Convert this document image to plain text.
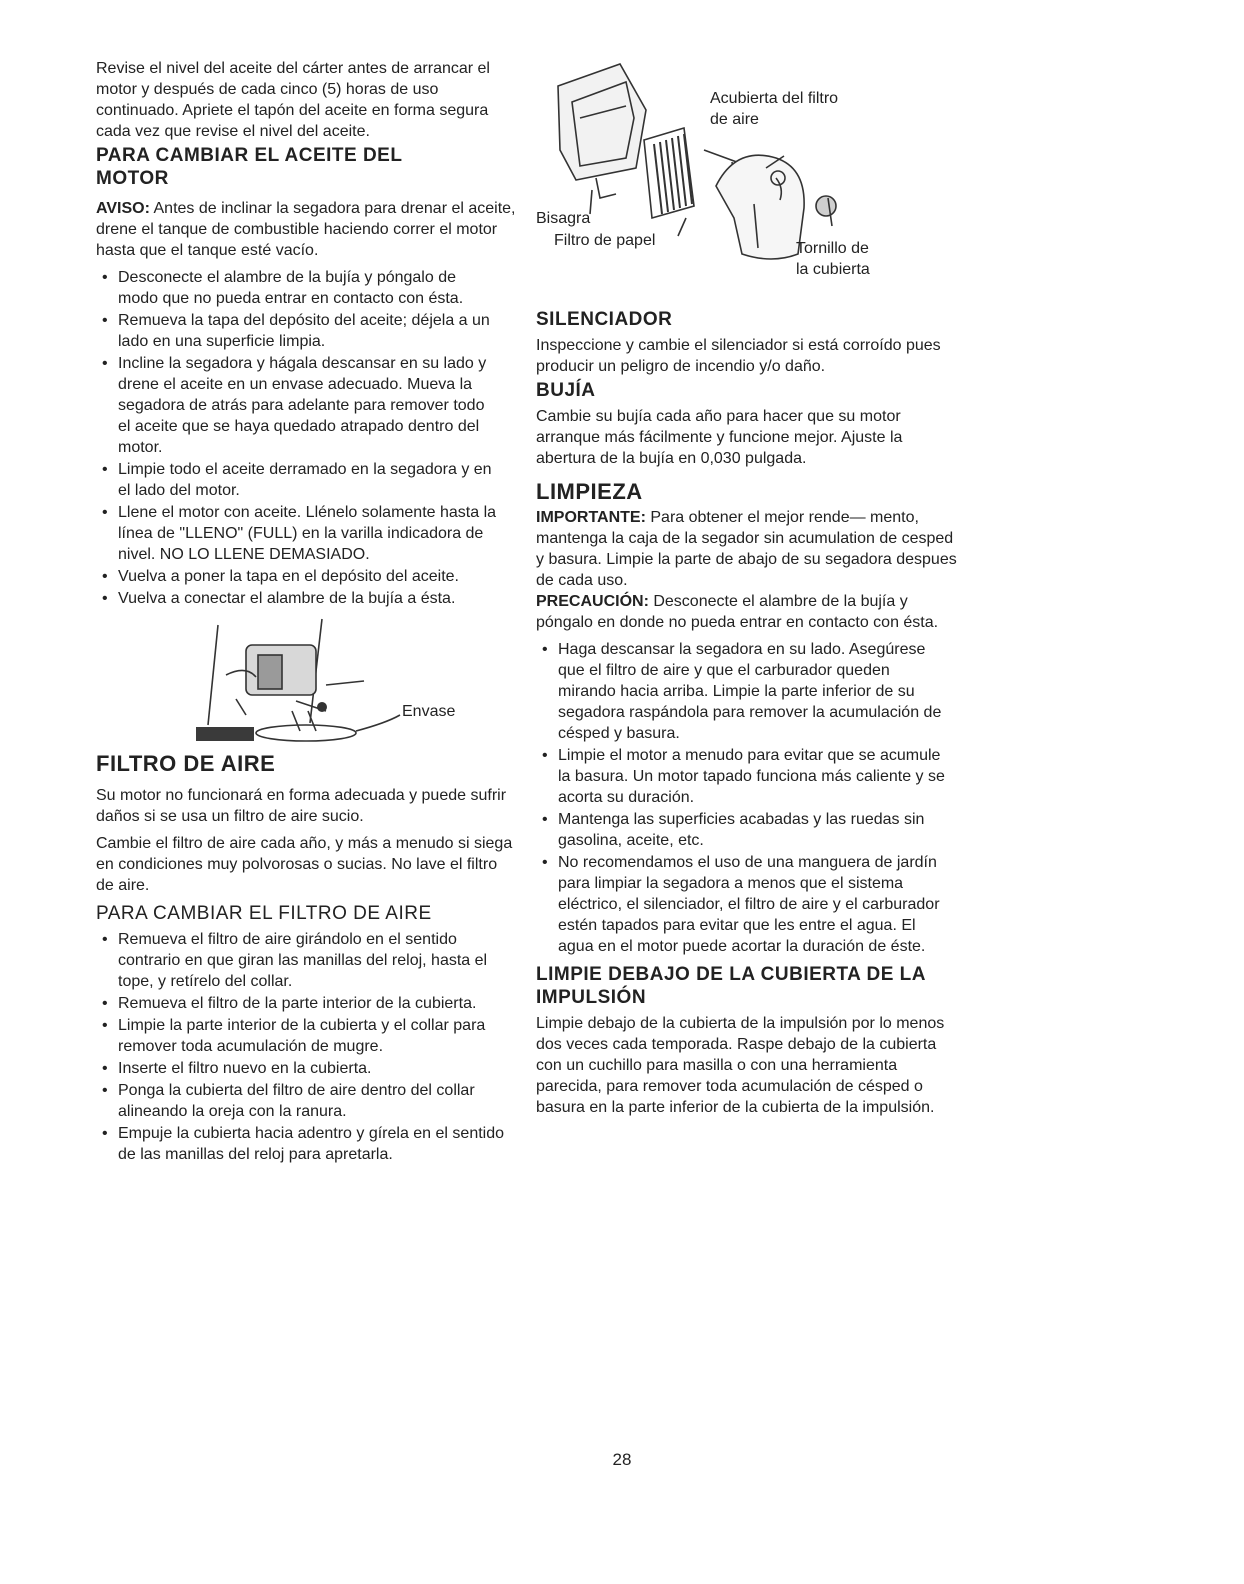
Revise el nivel del aceite del cárter antes de arrancar el motor y después de cada cinco (5) horas de uso continuado. Apriete el tapón del aceite en forma segura cada vez que revise el nivel del aceite.

PARA CAMBIAR EL ACEITE DEL MOTOR

AVISO: Antes de inclinar la segadora para drenar el aceite, drene el tanque de combustible haciendo correr el motor hasta que el tanque esté vacío.

• Desconecte el alambre de la bujía y póngalo de modo que no pueda entrar en contacto con ésta.
• Remueva la tapa del depósito del aceite; déjela a un lado en una superficie limpia.
• Incline la segadora y hágala descansar en su lado y drene el aceite en un envase adecuado. Mueva la segadora de atrás para adelante para remover todo el aceite que se haya quedado atrapado dentro del motor.
• Limpie todo el aceite derramado en la segadora y en el lado del motor.
• Llene el motor con aceite. Llénelo solamente hasta la línea de "LLENO" (FULL) en la varilla indicadora de nivel. NO LO LLENE DEMASIADO.
• Vuelva a poner la tapa en el depósito del aceite.
• Vuelva a conectar el alambre de la bujía a ésta.
Envase
FILTRO DE AIRE

Su motor no funcionará en forma adecuada y puede sufrir daños si se usa un filtro de aire sucio.

Cambie el filtro de aire cada año, y más a menudo si siega en condiciones muy polvorosas o sucias. No lave el filtro de aire.

PARA CAMBIAR EL FILTRO DE AIRE
• Remueva el filtro de aire girándolo en el sentido contrario en que giran las manillas del reloj, hasta el tope, y retírelo del collar.
• Remueva el filtro de la parte interior de la cubierta.
• Limpie la parte interior de la cubierta y el collar para remover toda acumulación de mugre.
• Inserte el filtro nuevo en la cubierta.
• Ponga la cubierta del filtro de aire dentro del collar alineando la oreja con la ranura.
• Empuje la cubierta hacia adentro y gírela en el sentido de las manillas del reloj para apretarla.
Acubierta del filtro de aire
Bisagra
Filtro de papel	Tornillo de la cubierta
SILENCIADOR

Inspeccione y cambie el silenciador si está corroído pues producir un peligro de incendio y/o daño.

BUJÍA

Cambie su bujía cada año para hacer que su motor arranque más fácilmente y funcione mejor. Ajuste la abertura de la bujía en 0,030 pulgada.

LIMPIEZA

IMPORTANTE: Para obtener el mejor rende— mento, mantenga la caja de la segador sin acumulation de cesped y basura. Limpie la parte de abajo de su segadora despues de cada uso.

PRECAUCIÓN: Desconecte el alambre de la bujía y póngalo en donde no pueda entrar en contacto con ésta.

• Haga descansar la segadora en su lado. Asegúrese que el filtro de aire y que el carburador queden mirando hacia arriba. Limpie la parte inferior de su segadora raspándola para remover la acumulación de césped y basura.
• Limpie el motor a menudo para evitar que se acumule la basura. Un motor tapado funciona más caliente y se acorta su duración.
• Mantenga las superficies acabadas y las ruedas sin gasolina, aceite, etc.
• No recomendamos el uso de una manguera de jardín para limpiar la segadora a menos que el sistema eléctrico, el silenciador, el filtro de aire y el carburador estén tapados para evitar que les entre el agua. El agua en el motor puede acortar la duración de éste.
LIMPIE DEBAJO DE LA CUBIERTA DE LA IMPULSIÓN

Limpie debajo de la cubierta de la impulsión por lo menos dos veces cada temporada. Raspe debajo de la cubierta con un cuchillo para masilla o con una herramienta parecida, para remover toda acumulación de césped o basura en la parte inferior de la cubierta de la impulsión.

28
